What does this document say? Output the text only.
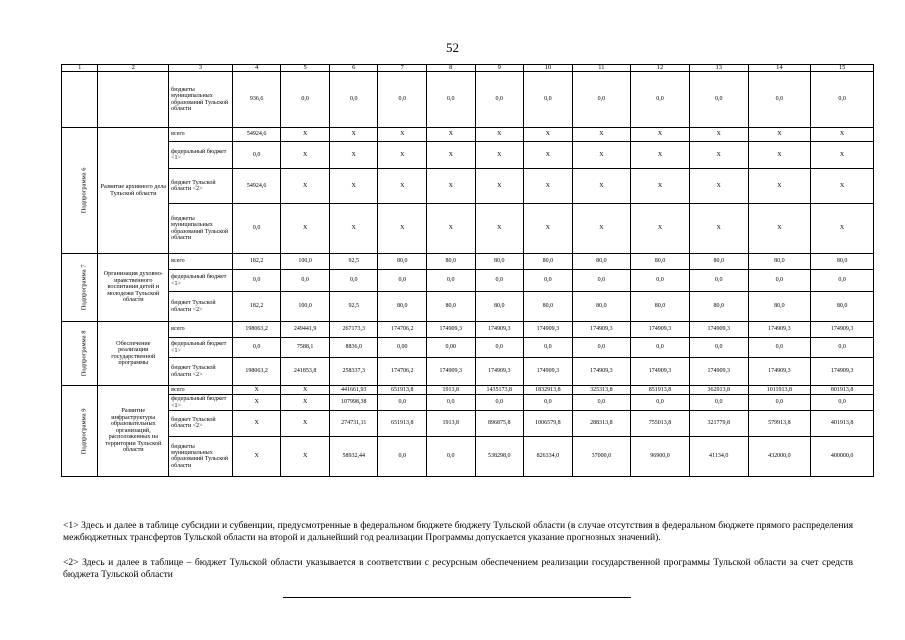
52
1	2	3	4	5	6	7	8	9	10	11	12	13	14	15
		бюджеты муниципальных образований Тульской области	936,6	0,0	0,0	0,0	0,0	0,0	0,0	0,0	0,0	0,0	0,0	0,0
Подпрограмма 6	Развитие архивного дела Тульской области	всего	54924,6	X	X	X	X	X	X	X	X	X	X	X
		федеральный бюджет <1>	0,0	X	X	X	X	X	X	X	X	X	X	X
		бюджет Тульской области <2>	54924,6	X	X	X	X	X	X	X	X	X	X	X
		бюджеты муниципальных образований Тульской области	0,0	X	X	X	X	X	X	X	X	X	X	X
Подпрограмма 7	Организация духовно-нравственного воспитания детей и молодежи Тульской области	всего	182,2	100,0	92,5	80,0	80,0	80,0	80,0	80,0	80,0	80,0	80,0	80,0
		федеральный бюджет <1>	0,0	0,0	0,0	0,0	0,0	0,0	0,0	0,0	0,0	0,0	0,0	0,0
		бюджет Тульской области <2>	182,2	100,0	92,5	80,0	80,0	80,0	80,0	80,0	80,0	80,0	80,0	80,0
Подпрограмма 8	Обеспечение реализации государственной программы	всего	198063,2	249441,9	267173,3	174706,2	174909,3	174909,3	174909,3	174909,3	174909,3	174909,3	174909,3	174909,3
		федеральный бюджет <1>	0,0	7588,1	8836,0	0,00	0,00	0,0	0,0	0,0	0,0	0,0	0,0	0,0
		бюджет Тульской области <2>	198063,2	241853,8	258337,3	174706,2	174909,3	174909,3	174909,3	174909,3	174909,3	174909,3	174909,3	174909,3
Подпрограмма 9	Развитие инфраструктуры образовательных организаций, расположенных на территории Тульской области	всего	X	X	441661,93	651913,8	1913,8	1435173,8	1832913,8	325313,8	851913,8	362913,8	1011913,8	801913,8
		федеральный бюджет <1>	X	X	107998,38	0,0	0,0	0,0	0,0	0,0	0,0	0,0	0,0	0,0
		бюджет Тульской области <2>	X	X	274731,11	651913,8	1913,8	896875,8	1006579,8	288313,8	755013,8	321779,8	579913,8	401913,8
		бюджеты муниципальных образований Тульской области	X	X	58932,44	0,0	0,0	538298,0	826334,0	37000,0	96900,0	41134,0	432000,0	400000,0
<1> Здесь и далее в таблице субсидии и субвенции, предусмотренные в федеральном бюджете бюджету Тульской области (в случае отсутствия в федеральном бюджете прямого распределения межбюджетных трансфертов Тульской области на второй и дальнейший год реализации Программы допускается указание прогнозных значений).
<2> Здесь и далее в таблице – бюджет Тульской области указывается в соответствии с ресурсным обеспечением реализации государственной программы Тульской области за счет средств бюджета Тульской области
